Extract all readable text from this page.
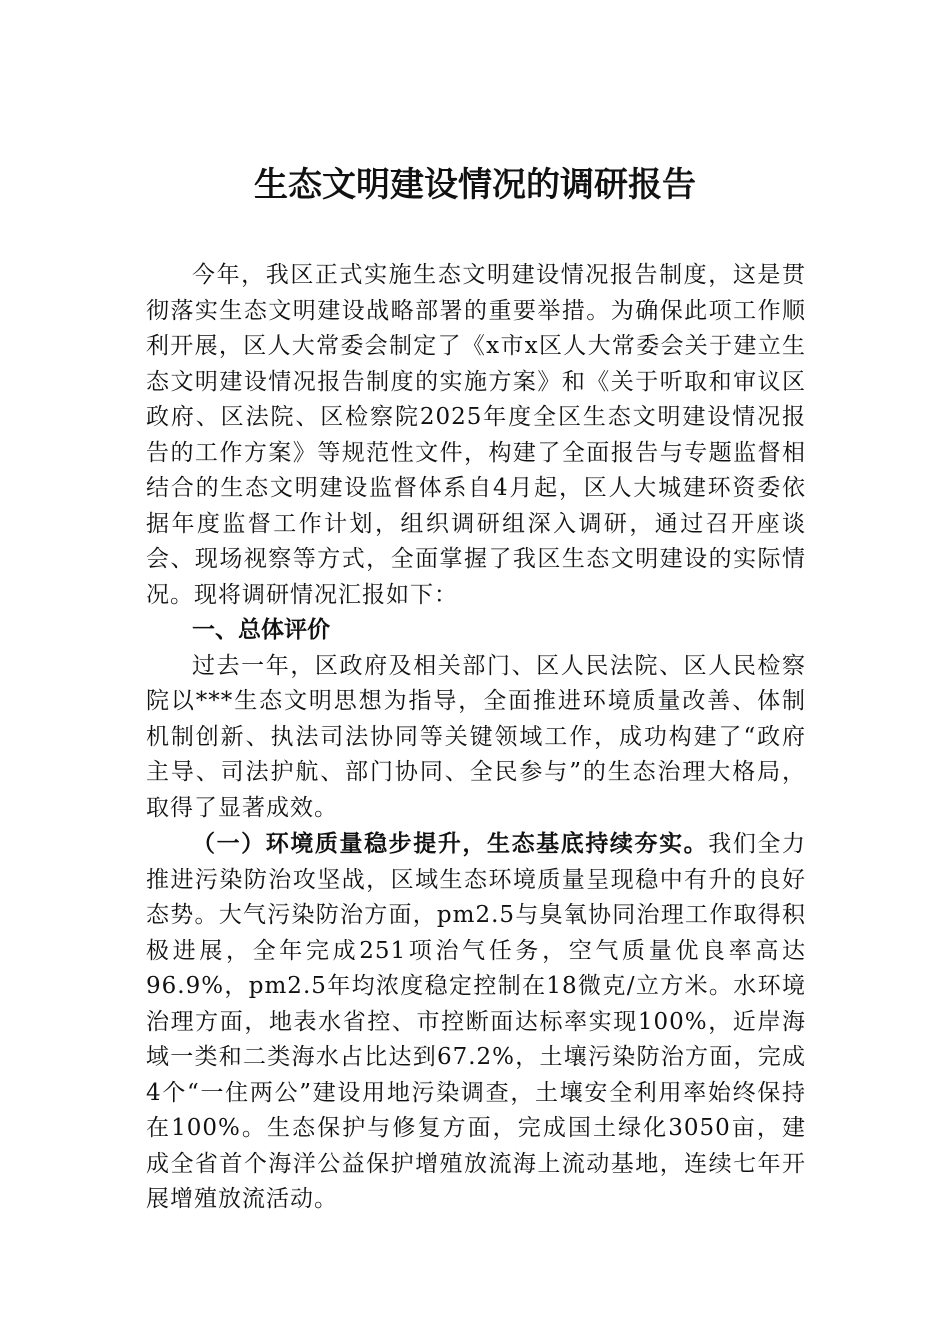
生态文明建设情况的调研报告

今年，我区正式实施生态文明建设情况报告制度，这是贯彻落实生态文明建设战略部署的重要举措。为确保此项工作顺利开展，区人大常委会制定了《x市x区人大常委会关于建立生态文明建设情况报告制度的实施方案》和《关于听取和审议区政府、区法院、区检察院2025年度全区生态文明建设情况报告的工作方案》等规范性文件，构建了全面报告与专题监督相结合的生态文明建设监督体系自4月起，区人大城建环资委依据年度监督工作计划，组织调研组深入调研，通过召开座谈会、现场视察等方式，全面掌握了我区生态文明建设的实际情况。现将调研情况汇报如下：

一、总体评价

过去一年，区政府及相关部门、区人民法院、区人民检察院以***生态文明思想为指导，全面推进环境质量改善、体制机制创新、执法司法协同等关键领域工作，成功构建了“政府主导、司法护航、部门协同、全民参与”的生态治理大格局，取得了显著成效。

（一）环境质量稳步提升，生态基底持续夯实。我们全力推进污染防治攻坚战，区域生态环境质量呈现稳中有升的良好态势。大气污染防治方面，pm2.5与臭氧协同治理工作取得积极进展，全年完成251项治气任务，空气质量优良率高达96.9%，pm2.5年均浓度稳定控制在18微克/立方米。水环境治理方面，地表水省控、市控断面达标率实现100%，近岸海域一类和二类海水占比达到67.2%，土壤污染防治方面，完成4个“一住两公”建设用地污染调查，土壤安全利用率始终保持在100%。生态保护与修复方面，完成国土绿化3050亩，建成全省首个海洋公益保护增殖放流海上流动基地，连续七年开展增殖放流活动。
